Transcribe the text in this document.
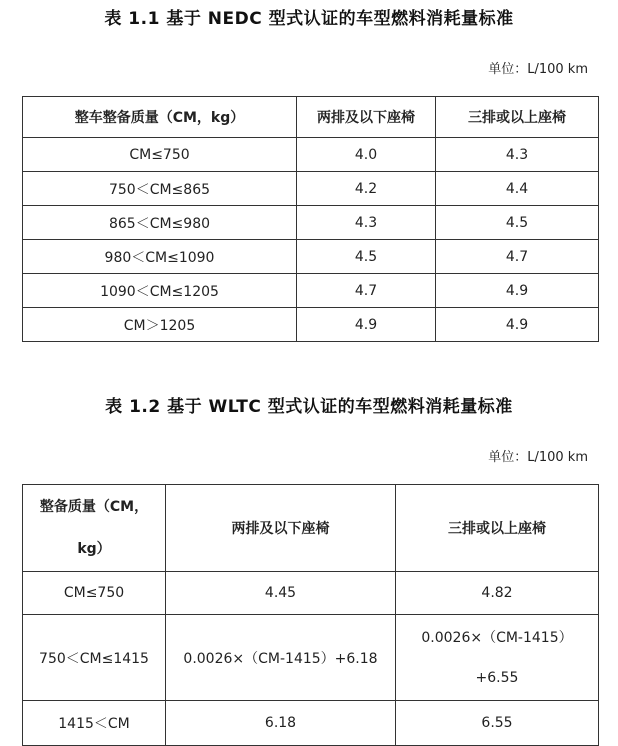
表 1.1 基于 NEDC 型式认证的车型燃料消耗量标准
单位：L/100 km
整车整备质量（CM，kg）	两排及以下座椅	三排或以上座椅
CM≤750	4.0	4.3
750＜CM≤865	4.2	4.4
865＜CM≤980	4.3	4.5
980＜CM≤1090	4.5	4.7
1090＜CM≤1205	4.7	4.9
CM＞1205	4.9	4.9
表 1.2 基于 WLTC 型式认证的车型燃料消耗量标准
单位：L/100 km
整备质量（CM，
kg）	两排及以下座椅	三排或以上座椅
CM≤750	4.45	4.82
750＜CM≤1415	0.0026×（CM-1415）+6.18	0.0026×（CM-1415）
+6.55

1415＜CM	6.18	6.55
